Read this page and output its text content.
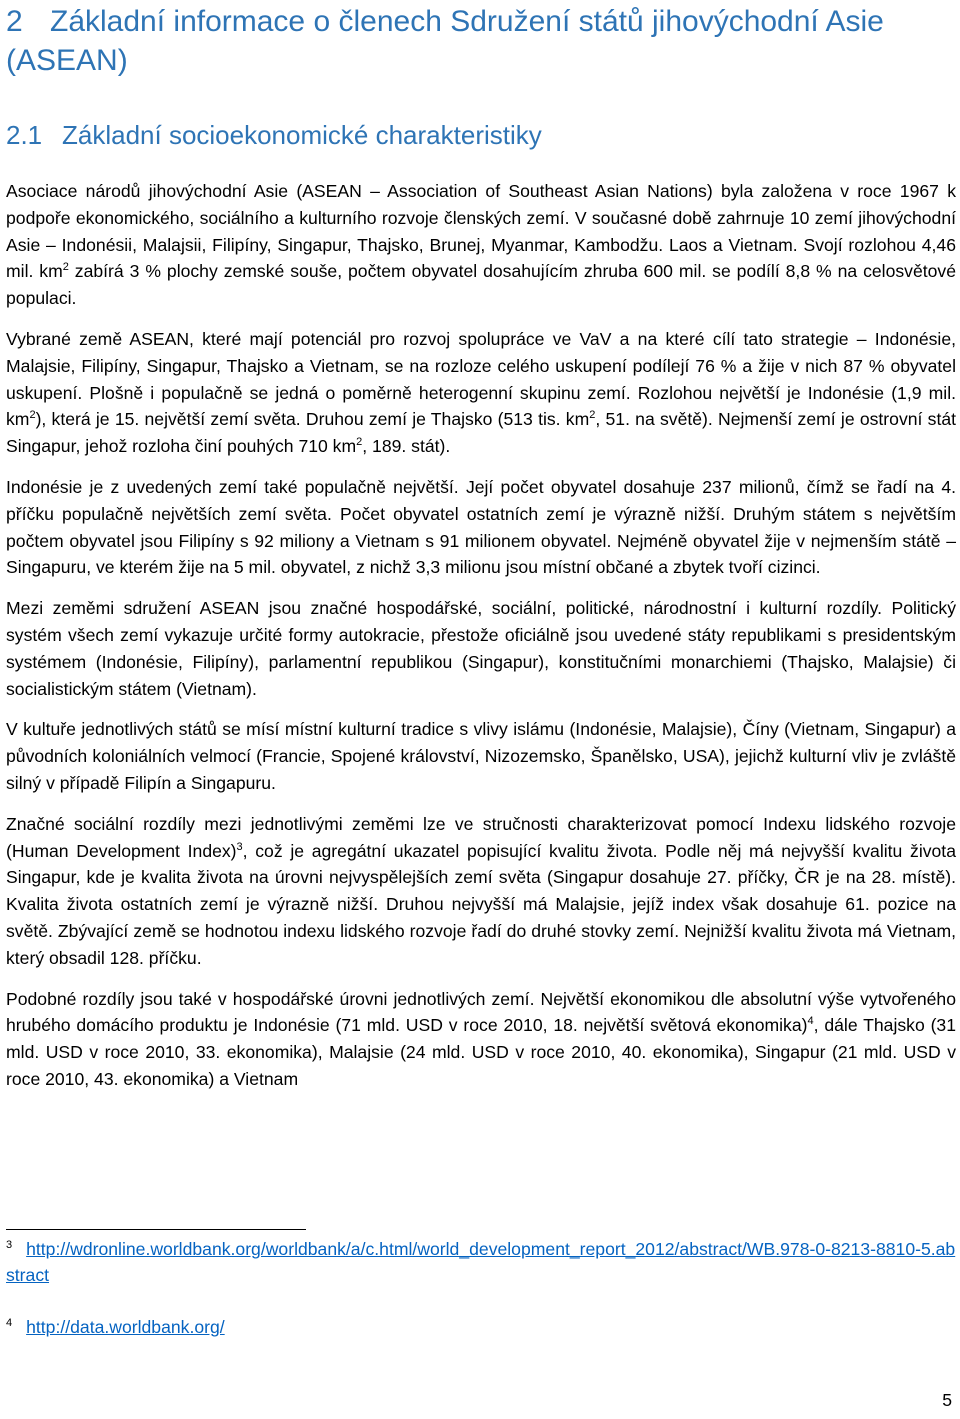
2 Základní informace o členech Sdružení států jihovýchodní Asie (ASEAN)
2.1 Základní socioekonomické charakteristiky

Asociace národů jihovýchodní Asie (ASEAN – Association of Southeast Asian Nations) byla založena v roce 1967 k podpoře ekonomického, sociálního a kulturního rozvoje členských zemí. V současné době zahrnuje 10 zemí jihovýchodní Asie – Indonésii, Malajsii, Filipíny, Singapur, Thajsko, Brunej, Myanmar, Kambodžu. Laos a Vietnam. Svojí rozlohou 4,46 mil. $km^2$ zabírá 3 % plochy zemské souše, počtem obyvatel dosahujícím zhruba 600 mil. se podílí 8,8 % na celosvětové populaci.

Vybrané země ASEAN, které mají potenciál pro rozvoj spolupráce ve VaV a na které cílí tato strategie – Indonésie, Malajsie, Filipíny, Singapur, Thajsko a Vietnam, se na rozloze celého uskupení podílejí 76 % a žije v nich 87 % obyvatel uskupení. Plošně i populačně se jedná o poměrně heterogenní skupinu zemí. Rozlohou největší je Indonésie (1,9 mil. $km^2$), která je 15. největší zemí světa. Druhou zemí je Thajsko (513 tis. $km^2$, 51. na světě). Nejmenší zemí je ostrovní stát Singapur, jehož rozloha činí pouhých 710 $km^2$, 189. stát).

Indonésie je z uvedených zemí také populačně největší. Její počet obyvatel dosahuje 237 milionů, čímž se řadí na 4. příčku populačně největších zemí světa. Počet obyvatel ostatních zemí je výrazně nižší. Druhým státem s největším počtem obyvatel jsou Filipíny s 92 miliony a Vietnam s 91 milionem obyvatel. Nejméně obyvatel žije v nejmenším státě – Singapuru, ve kterém žije na 5 mil. obyvatel, z nichž 3,3 milionu jsou místní občané a zbytek tvoří cizinci.

Mezi zeměmi sdružení ASEAN jsou značné hospodářské, sociální, politické, národnostní i kulturní rozdíly. Politický systém všech zemí vykazuje určité formy autokracie, přestože oficiálně jsou uvedené státy republikami s presidentským systémem (Indonésie, Filipíny), parlamentní republikou (Singapur), konstitučními monarchiemi (Thajsko, Malajsie) či socialistickým státem (Vietnam).

V kultuře jednotlivých států se mísí místní kulturní tradice s vlivy islámu (Indonésie, Malajsie), Číny (Vietnam, Singapur) a původních koloniálních velmocí (Francie, Spojené království, Nizozemsko, Španělsko, USA), jejichž kulturní vliv je zvláště silný v případě Filipín a Singapuru.

Značné sociální rozdíly mezi jednotlivými zeměmi lze ve stručnosti charakterizovat pomocí Indexu lidského rozvoje (Human Development Index)$^3$, což je agregátní ukazatel popisující kvalitu života. Podle něj má nejvyšší kvalitu života Singapur, kde je kvalita života na úrovni nejvyspělejších zemí světa (Singapur dosahuje 27. příčky, ČR je na 28. místě). Kvalita života ostatních zemí je výrazně nižší. Druhou nejvyšší má Malajsie, jejíž index však dosahuje 61. pozice na světě. Zbývající země se hodnotou indexu lidského rozvoje řadí do druhé stovky zemí. Nejnižší kvalitu života má Vietnam, který obsadil 128. příčku.

Podobné rozdíly jsou také v hospodářské úrovni jednotlivých zemí. Největší ekonomikou dle absolutní výše vytvořeného hrubého domácího produktu je Indonésie (71 mld. USD v roce 2010, 18. největší světová ekonomika)$^4$, dále Thajsko (31 mld. USD v roce 2010, 33. ekonomika), Malajsie (24 mld. USD v roce 2010, 40. ekonomika), Singapur (21 mld. USD v roce 2010, 43. ekonomika) a Vietnam

$^3$ http://wdronline.worldbank.org/worldbank/a/c.html/world_development_report_2012/abstract/WB.978-0-8213-8810-5.abstract
$^4$ http://data.worldbank.org/
5
